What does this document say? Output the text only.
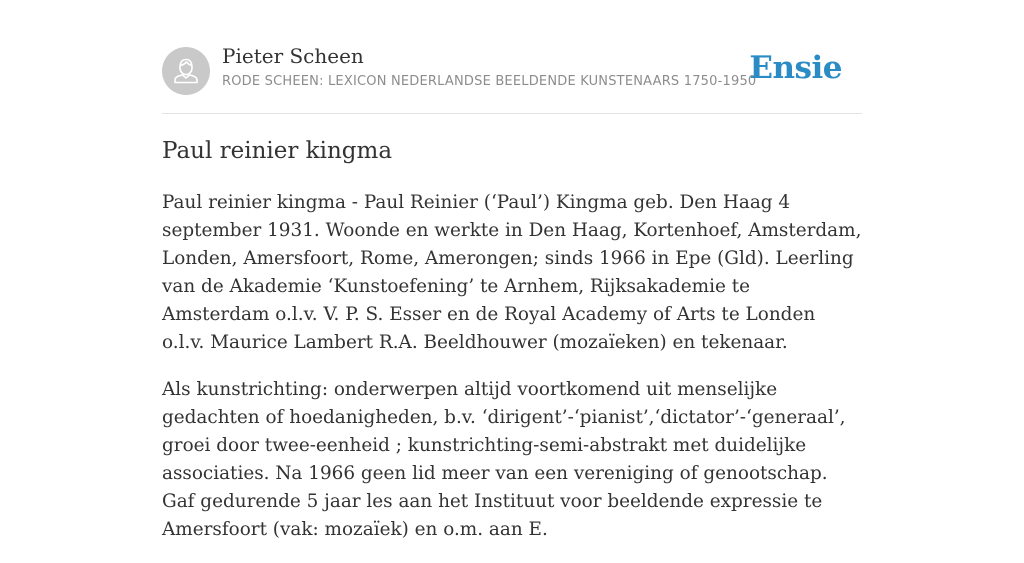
Pieter Scheen
RODE SCHEEN: LEXICON NEDERLANDSE BEELDENDE KUNSTENAARS 1750-1950
Ensie
Paul reinier kingma

Paul reinier kingma - Paul Reinier (‘Paul’) Kingma geb. Den Haag 4 september 1931. Woonde en werkte in Den Haag, Kortenhoef, Amsterdam, Londen, Amersfoort, Rome, Amerongen; sinds 1966 in Epe (Gld). Leerling van de Akademie ‘Kunstoefening’ te Arnhem, Rijksakademie te Amsterdam o.l.v. V. P. S. Esser en de Royal Academy of Arts te Londen o.l.v. Maurice Lambert R.A. Beeldhouwer (mozaïeken) en tekenaar.

Als kunstrichting: onderwerpen altijd voortkomend uit menselijke gedachten of hoedanigheden, b.v. ‘dirigent’-‘pianist’,‘dictator’-‘generaal’, groei door twee-eenheid ; kunstrichting-semi-abstrakt met duidelijke associaties. Na 1966 geen lid meer van een vereniging of genootschap. Gaf gedurende 5 jaar les aan het Instituut voor beeldende expressie te Amersfoort (vak: mozaïek) en o.m. aan E.
